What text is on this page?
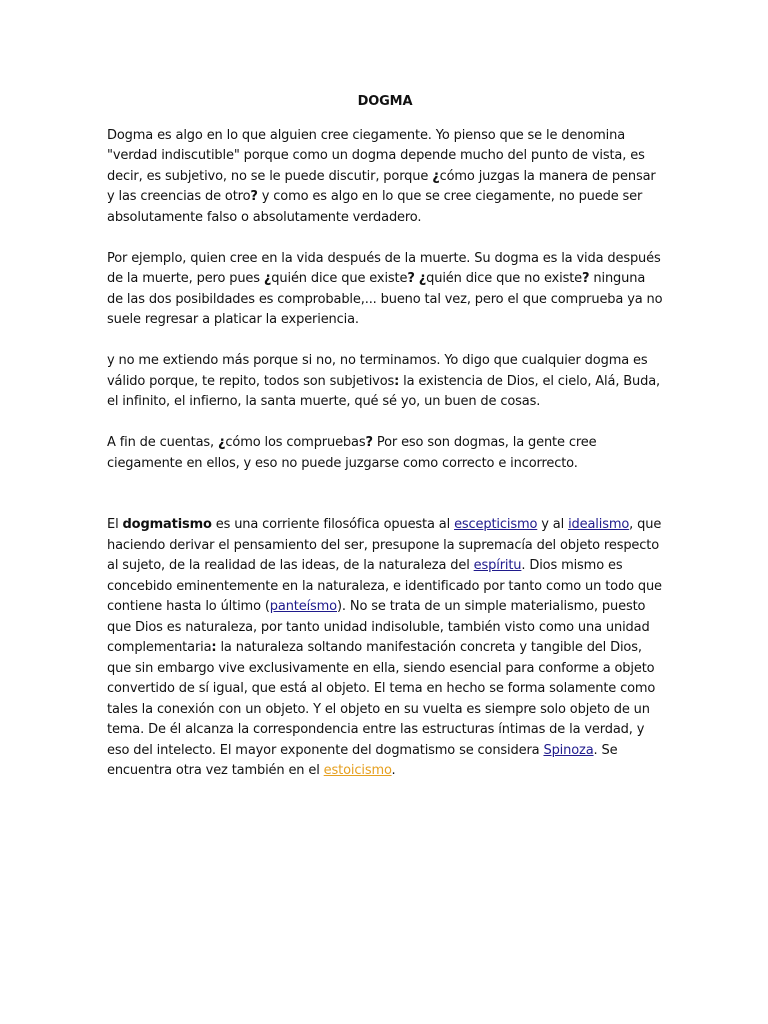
DOGMA

Dogma es algo en lo que alguien cree ciegamente. Yo pienso que se le denomina "verdad indiscutible" porque como un dogma depende mucho del punto de vista, es decir, es subjetivo, no se le puede discutir, porque ¿cómo juzgas la manera de pensar y las creencias de otro? y como es algo en lo que se cree ciegamente, no puede ser absolutamente falso o absolutamente verdadero.

Por ejemplo, quien cree en la vida después de la muerte. Su dogma es la vida después de la muerte, pero pues ¿quién dice que existe? ¿quién dice que no existe? ninguna de las dos posibildades es comprobable,... bueno tal vez, pero el que comprueba ya no suele regresar a platicar la experiencia.

y no me extiendo más porque si no, no terminamos. Yo digo que cualquier dogma es válido porque, te repito, todos son subjetivos: la existencia de Dios, el cielo, Alá, Buda, el infinito, el infierno, la santa muerte, qué sé yo, un buen de cosas.

A fin de cuentas, ¿cómo los compruebas? Por eso son dogmas, la gente cree ciegamente en ellos, y eso no puede juzgarse como correcto e incorrecto.

El dogmatismo es una corriente filosófica opuesta al escepticismo y al idealismo, que haciendo derivar el pensamiento del ser, presupone la supremacía del objeto respecto al sujeto, de la realidad de las ideas, de la naturaleza del espíritu. Dios mismo es concebido eminentemente en la naturaleza, e identificado por tanto como un todo que contiene hasta lo último (panteísmo). No se trata de un simple materialismo, puesto que Dios es naturaleza, por tanto unidad indisoluble, también visto como una unidad complementaria: la naturaleza soltando manifestación concreta y tangible del Dios, que sin embargo vive exclusivamente en ella, siendo esencial para conforme a objeto convertido de sí igual, que está al objeto. El tema en hecho se forma solamente como tales la conexión con un objeto. Y el objeto en su vuelta es siempre solo objeto de un tema. De él alcanza la correspondencia entre las estructuras íntimas de la verdad, y eso del intelecto. El mayor exponente del dogmatismo se considera Spinoza. Se encuentra otra vez también en el estoicismo.
